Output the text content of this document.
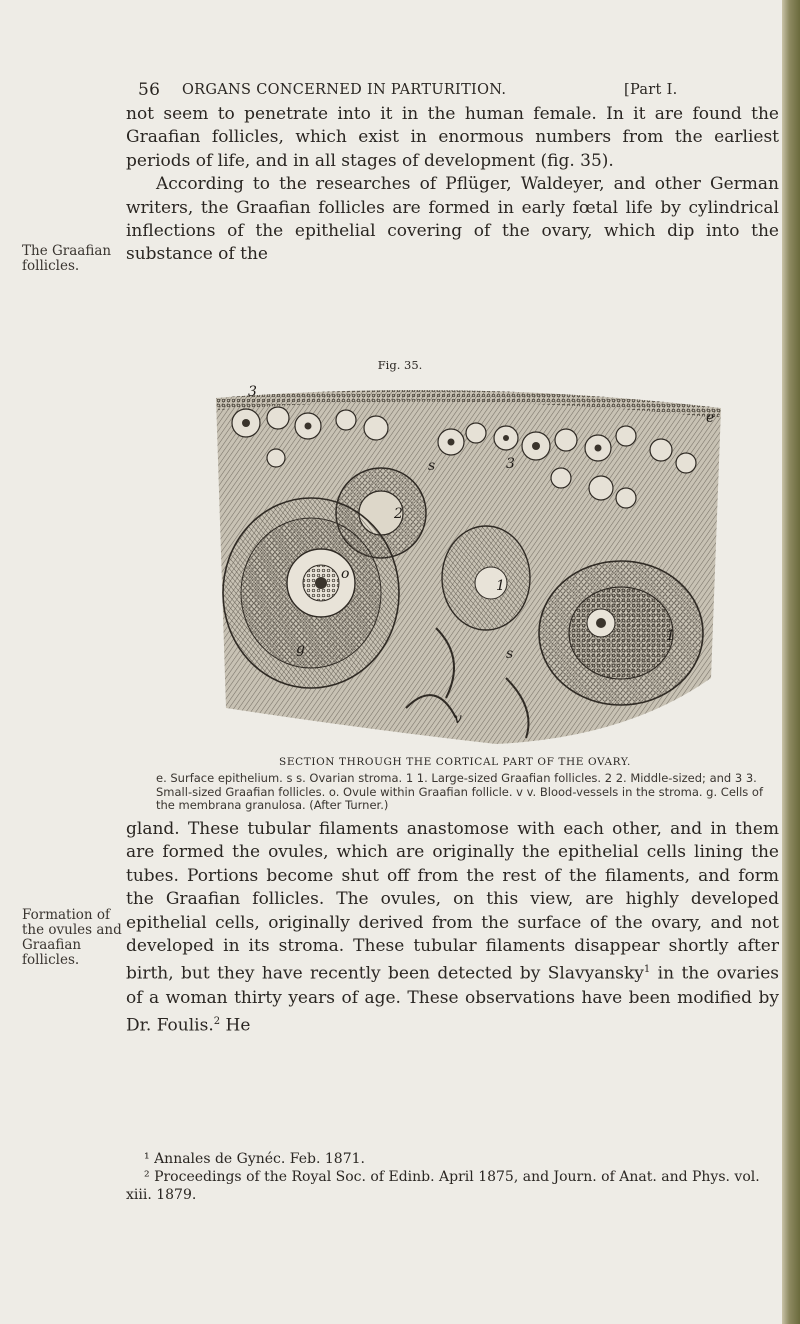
56 ORGANS CONCERNED IN PARTURITION.	[Part I.

not seem to penetrate into it in the human female. In it are found the Graafian follicles, which exist in enormous numbers from the earliest periods of life, and in all stages of development (fig. 35).

According to the researches of Pflüger, Waldeyer, and other German writers, the Graafian follicles are formed in early fœtal life by cylindrical inflections of the epithelial covering of the ovary, which dip into the substance of the

The Graafian follicles.
Formation of the ovules and Graafian follicles.
Fig. 35.
e
s
s
g
o
v
1
1
2
3
3
SECTION THROUGH THE CORTICAL PART OF THE OVARY.
e. Surface epithelium. s s. Ovarian stroma. 1 1. Large-sized Graafian follicles. 2 2. Middle-sized; and 3 3. Small-sized Graafian follicles. o. Ovule within Graafian follicle. v v. Blood-vessels in the stroma. g. Cells of the membrana granulosa. (After Turner.)

gland. These tubular filaments anastomose with each other, and in them are formed the ovules, which are originally the epithelial cells lining the tubes. Portions become shut off from the rest of the filaments, and form the Graafian follicles. The ovules, on this view, are highly developed epithelial cells, originally derived from the surface of the ovary, and not developed in its stroma. These tubular filaments disappear shortly after birth, but they have recently been detected by Slavyansky$^1$ in the ovaries of a woman thirty years of age. These observations have been modified by Dr. Foulis.$^2$ He

¹ Annales de Gynéc. Feb. 1871.

² Proceedings of the Royal Soc. of Edinb. April 1875, and Journ. of Anat. and Phys. vol. xiii. 1879.
